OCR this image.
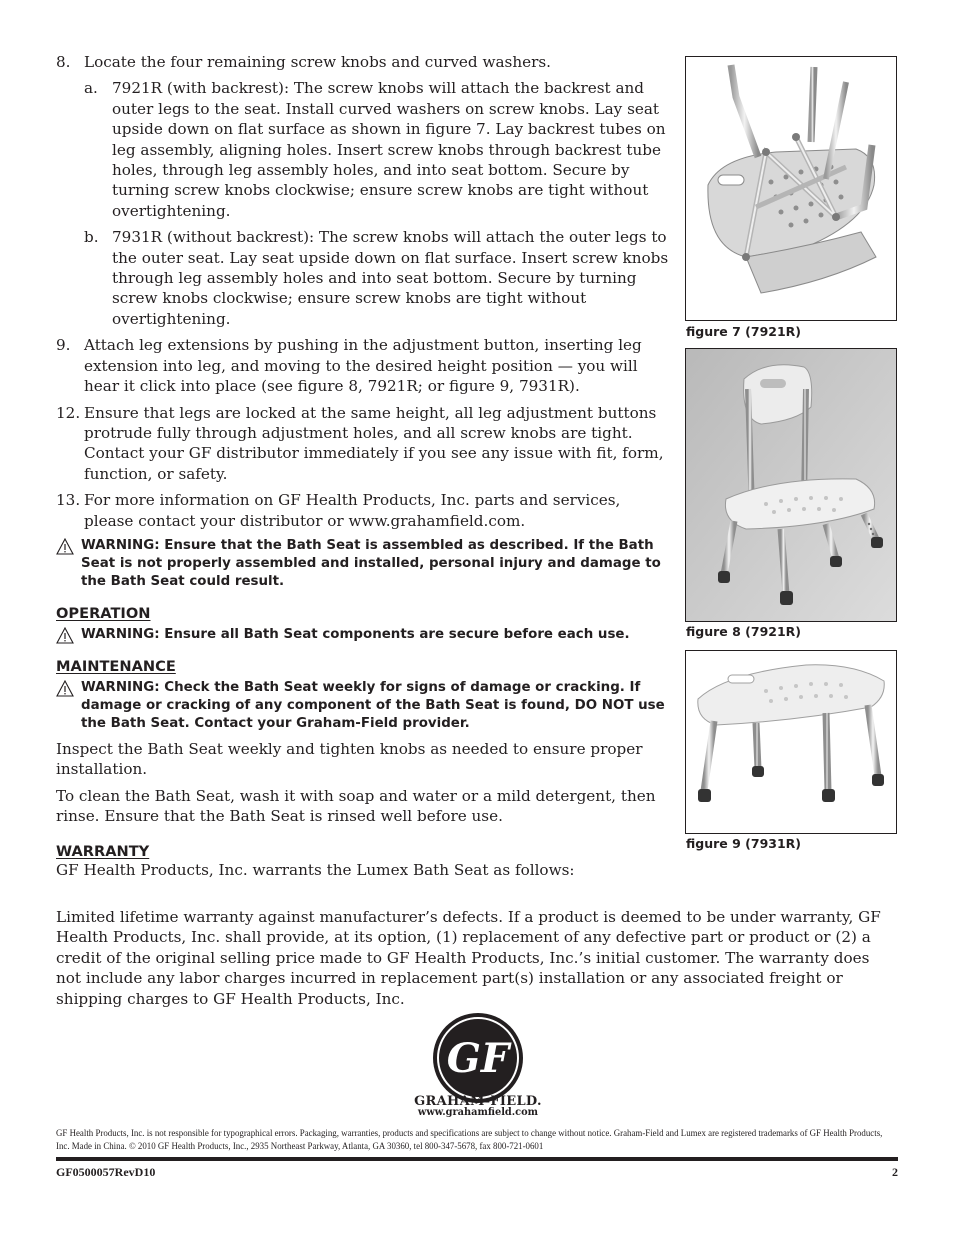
8. Locate the four remaining screw knobs and curved washers.
a. 7921R (with backrest): The screw knobs will attach the backrest and outer legs to the seat. Install curved washers on screw knobs. Lay seat upside down on flat surface as shown in figure 7. Lay backrest tubes on leg assembly, aligning holes. Insert screw knobs through backrest tube holes, through leg assembly holes, and into seat bottom. Secure by turning screw knobs clockwise; ensure screw knobs are tight without overtightening.
b. 7931R (without backrest): The screw knobs will attach the outer legs to the outer seat. Lay seat upside down on flat surface. Insert screw knobs through leg assembly holes and into seat bottom. Secure by turning screw knobs clockwise; ensure screw knobs are tight without overtightening.
9. Attach leg extensions by pushing in the adjustment button, inserting leg extension into leg, and moving to the desired height position — you will hear it click into place (see figure 8, 7921R; or figure 9, 7931R).
12. Ensure that legs are locked at the same height, all leg adjustment buttons protrude fully through adjustment holes, and all screw knobs are tight. Contact your GF distributor immediately if you see any issue with fit, form, function, or safety.
13. For more information on GF Health Products, Inc. parts and services, please contact your distributor or www.grahamfield.com.
WARNING: Ensure that the Bath Seat is assembled as described. If the Bath Seat is not properly assembled and installed, personal injury and damage to the Bath Seat could result.
OPERATION
WARNING: Ensure all Bath Seat components are secure before each use.
MAINTENANCE
WARNING: Check the Bath Seat weekly for signs of damage or cracking. If damage or cracking of any component of the Bath Seat is found, DO NOT use the Bath Seat. Contact your Graham-Field provider.
Inspect the Bath Seat weekly and tighten knobs as needed to ensure proper installation.
To clean the Bath Seat, wash it with soap and water or a mild detergent, then rinse. Ensure that the Bath Seat is rinsed well before use.
WARRANTY
GF Health Products, Inc. warrants the Lumex Bath Seat as follows:
Limited lifetime warranty against manufacturer’s defects. If a product is deemed to be under warranty, GF Health Products, Inc. shall provide, at its option, (1) replacement of any defective part or product or (2) a credit of the original selling price made to GF Health Products, Inc.’s initial customer. The warranty does not include any labor charges incurred in replacement part(s) installation or any associated freight or shipping charges to GF Health Products, Inc.
figure 7 (7921R)
figure 8 (7921R)
figure 9 (7931R)
GF
GRAHAM-FIELD.
www.grahamfield.com
GF Health Products, Inc. is not responsible for typographical errors. Packaging, warranties, products and specifications are subject to change without notice. Graham-Field and Lumex are registered trademarks of GF Health Products, Inc. Made in China. © 2010 GF Health Products, Inc., 2935 Northeast Parkway, Atlanta, GA 30360, tel 800-347-5678, fax 800-721-0601
GF0500057RevD10	2
